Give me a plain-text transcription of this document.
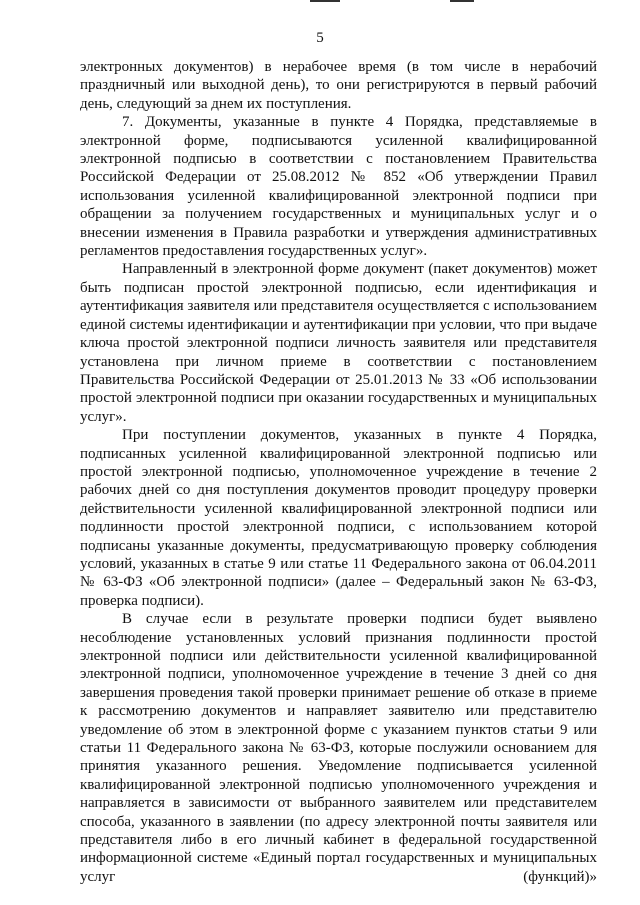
5

электронных документов) в нерабочее время (в том числе в нерабочий праздничный или выходной день), то они регистрируются в первый рабочий день, следующий за днем их поступления.

7. Документы, указанные в пункте 4 Порядка, представляемые в электронной форме, подписываются усиленной квалифицированной электронной подписью в соответствии с постановлением Правительства Российской Федерации от 25.08.2012 № 852 «Об утверждении Правил использования усиленной квалифицированной электронной подписи при обращении за получением государственных и муниципальных услуг и о внесении изменения в Правила разработки и утверждения административных регламентов предоставления государственных услуг».

Направленный в электронной форме документ (пакет документов) может быть подписан простой электронной подписью, если идентификация и аутентификация заявителя или представителя осуществляется с использованием единой системы идентификации и аутентификации при условии, что при выдаче ключа простой электронной подписи личность заявителя или представителя установлена при личном приеме в соответствии с постановлением Правительства Российской Федерации от 25.01.2013 № 33 «Об использовании простой электронной подписи при оказании государственных и муниципальных услуг».

При поступлении документов, указанных в пункте 4 Порядка, подписанных усиленной квалифицированной электронной подписью или простой электронной подписью, уполномоченное учреждение в течение 2 рабочих дней со дня поступления документов проводит процедуру проверки действительности усиленной квалифицированной электронной подписи или подлинности простой электронной подписи, с использованием которой подписаны указанные документы, предусматривающую проверку соблюдения условий, указанных в статье 9 или статье 11 Федерального закона от 06.04.2011 № 63-ФЗ «Об электронной подписи» (далее – Федеральный закон № 63-ФЗ, проверка подписи).

В случае если в результате проверки подписи будет выявлено несоблюдение установленных условий признания подлинности простой электронной подписи или действительности усиленной квалифицированной электронной подписи, уполномоченное учреждение в течение 3 дней со дня завершения проведения такой проверки принимает решение об отказе в приеме к рассмотрению документов и направляет заявителю или представителю уведомление об этом в электронной форме с указанием пунктов статьи 9 или статьи 11 Федерального закона № 63-ФЗ, которые послужили основанием для принятия указанного решения. Уведомление подписывается усиленной квалифицированной электронной подписью уполномоченного учреждения и направляется в зависимости от выбранного заявителем или представителем способа, указанного в заявлении (по адресу электронной почты заявителя или представителя либо в его личный кабинет в федеральной государственной информационной системе «Единый портал государственных и муниципальных услуг (функций)»
